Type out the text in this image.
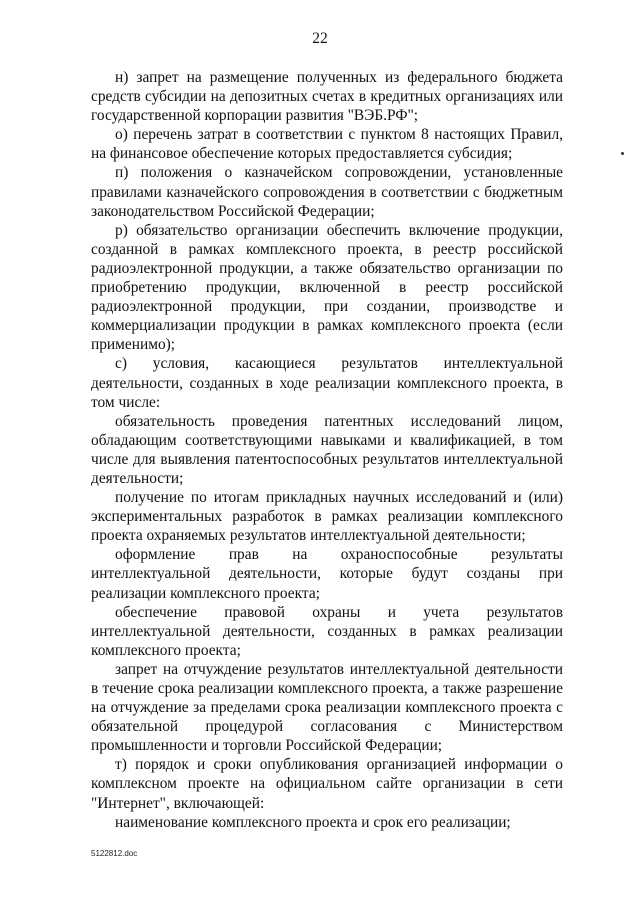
22

н) запрет на размещение полученных из федерального бюджета средств субсидии на депозитных счетах в кредитных организациях или государственной корпорации развития "ВЭБ.РФ";

о) перечень затрат в соответствии с пунктом 8 настоящих Правил, на финансовое обеспечение которых предоставляется субсидия;

п) положения о казначейском сопровождении, установленные правилами казначейского сопровождения в соответствии с бюджетным законодательством Российской Федерации;

р) обязательство организации обеспечить включение продукции, созданной в рамках комплексного проекта, в реестр российской радиоэлектронной продукции, а также обязательство организации по приобретению продукции, включенной в реестр российской радиоэлектронной продукции, при создании, производстве и коммерциализации продукции в рамках комплексного проекта (если применимо);

с) условия, касающиеся результатов интеллектуальной деятельности, созданных в ходе реализации комплексного проекта, в том числе:

обязательность проведения патентных исследований лицом, обладающим соответствующими навыками и квалификацией, в том числе для выявления патентоспособных результатов интеллектуальной деятельности;

получение по итогам прикладных научных исследований и (или) экспериментальных разработок в рамках реализации комплексного проекта охраняемых результатов интеллектуальной деятельности;

оформление прав на охраноспособные результаты интеллектуальной деятельности, которые будут созданы при реализации комплексного проекта;

обеспечение правовой охраны и учета результатов интеллектуальной деятельности, созданных в рамках реализации комплексного проекта;

запрет на отчуждение результатов интеллектуальной деятельности в течение срока реализации комплексного проекта, а также разрешение на отчуждение за пределами срока реализации комплексного проекта с обязательной процедурой согласования с Министерством промышленности и торговли Российской Федерации;

т) порядок и сроки опубликования организацией информации о комплексном проекте на официальном сайте организации в сети "Интернет", включающей:

наименование комплексного проекта и срок его реализации;

5122812.doc
